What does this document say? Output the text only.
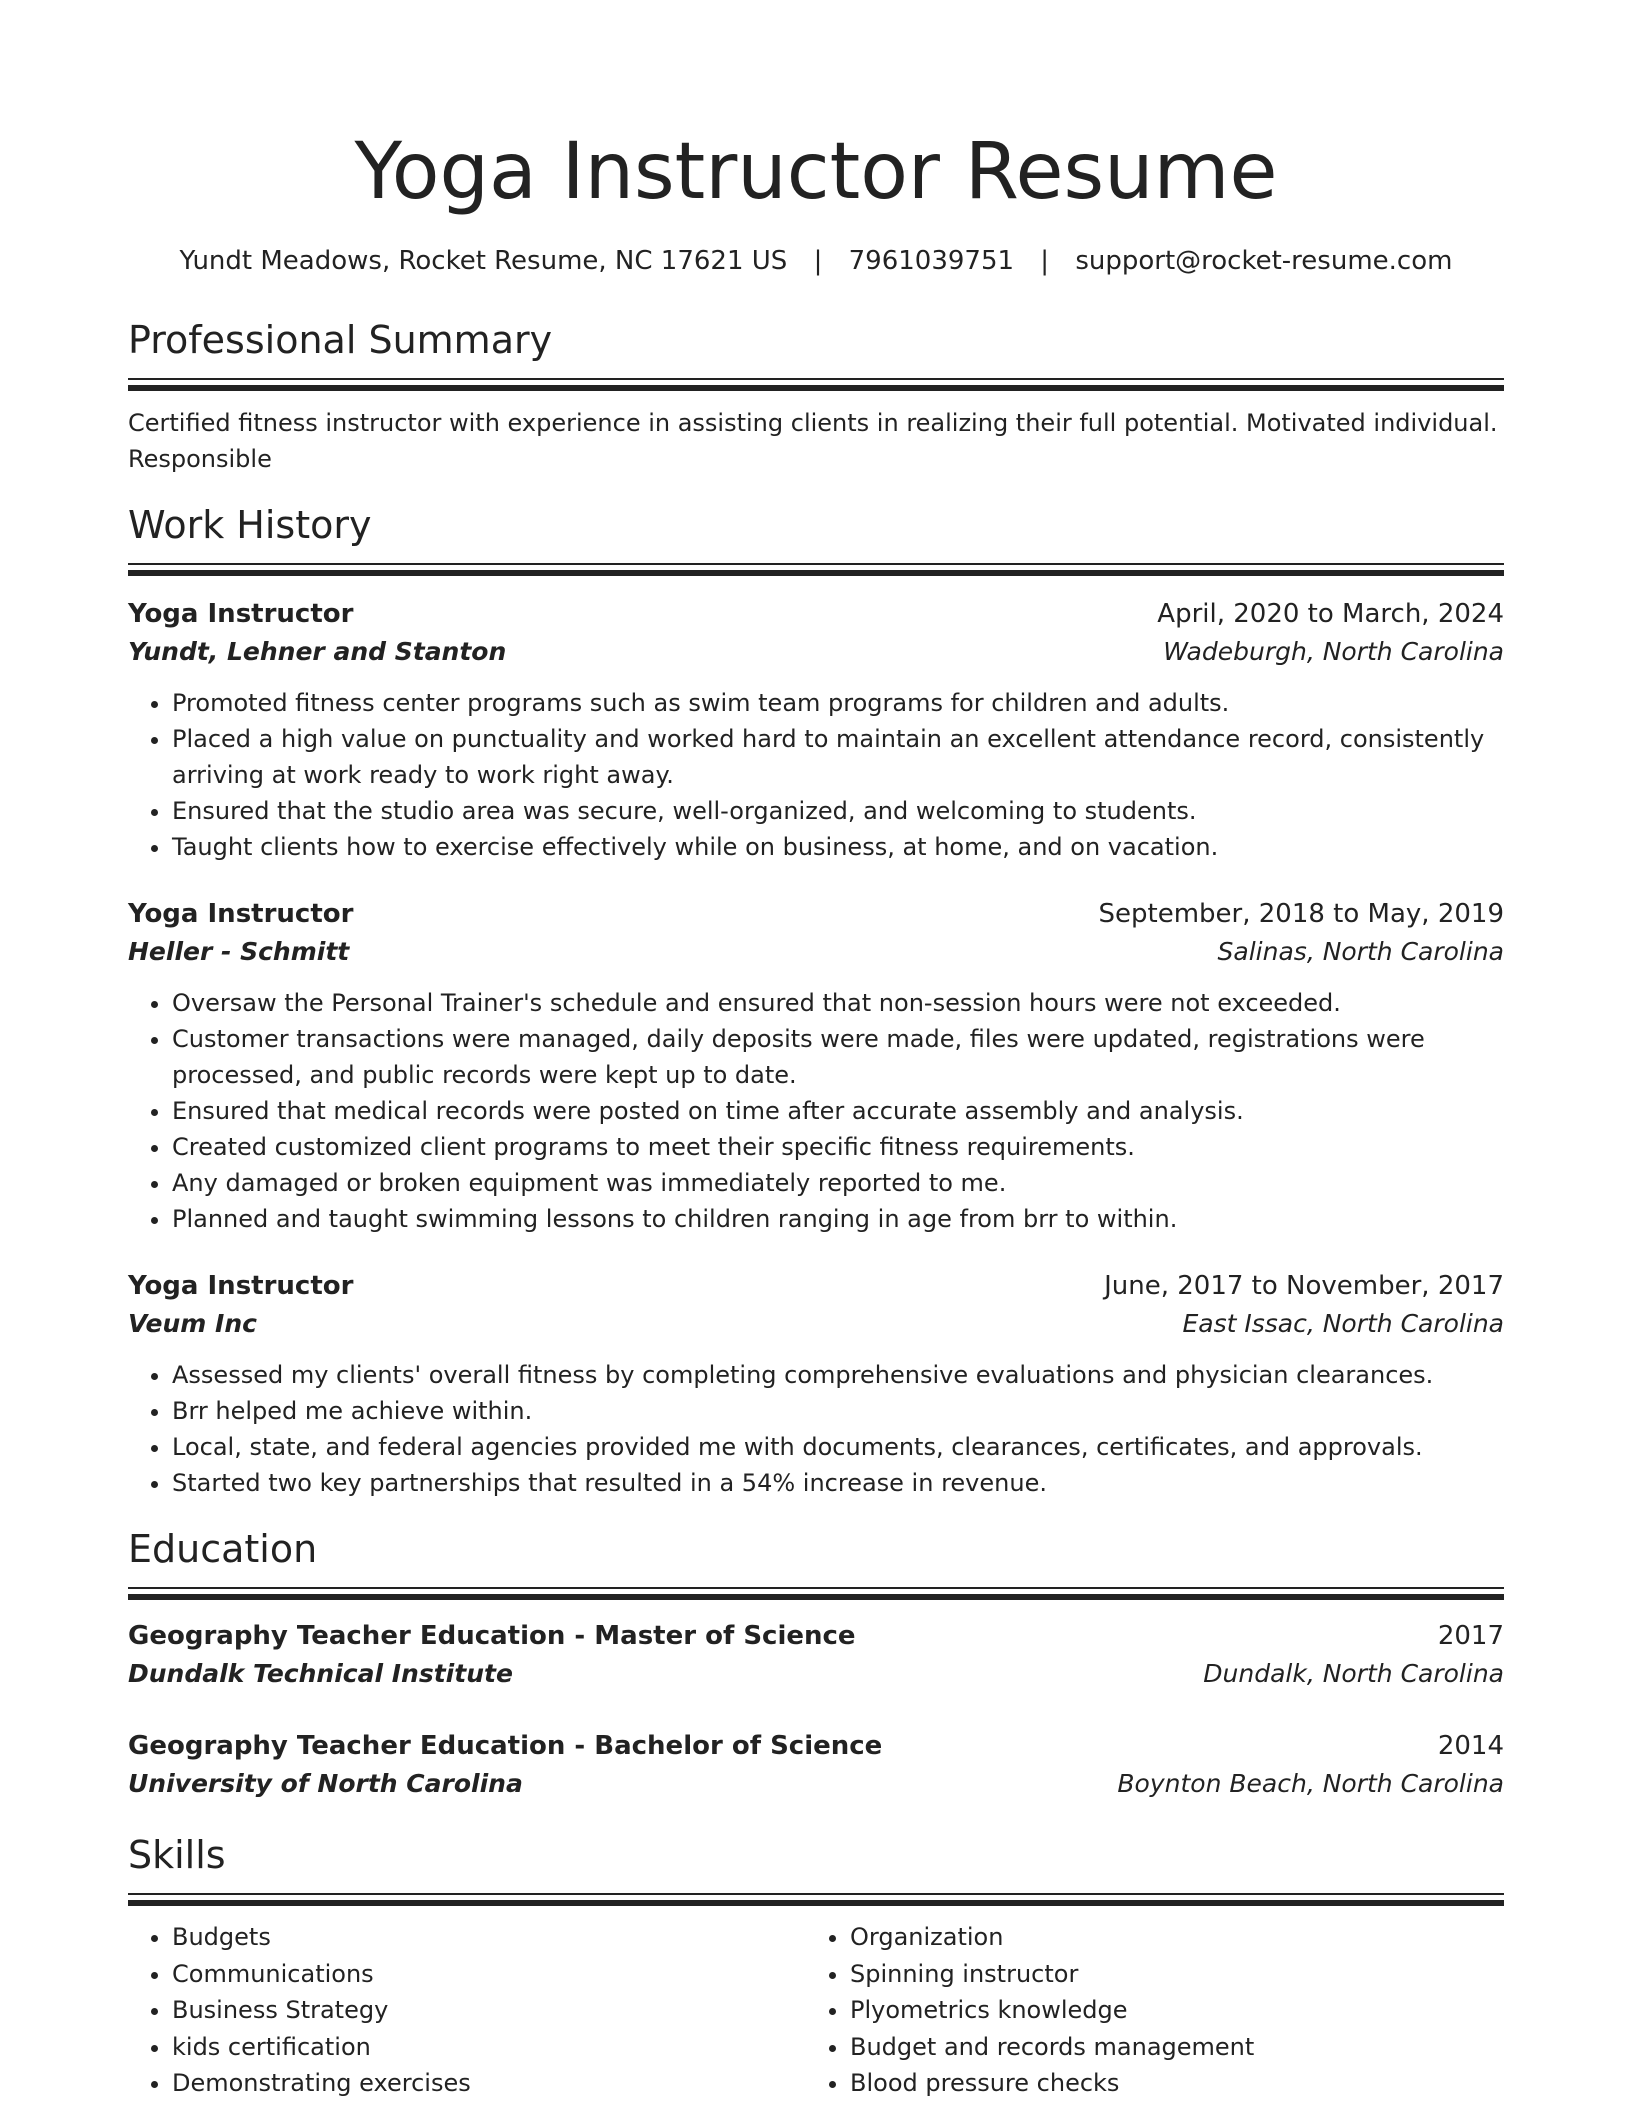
Yoga Instructor Resume
Yundt Meadows, Rocket Resume, NC 17621 US | 7961039751 | support@rocket-resume.com
Professional Summary
Certified fitness instructor with experience in assisting clients in realizing their full potential. Motivated individual. Responsible
Work History
Yoga Instructor	April, 2020 to March, 2024
Yundt, Lehner and Stanton	Wadeburgh, North Carolina
• Promoted fitness center programs such as swim team programs for children and adults.
• Placed a high value on punctuality and worked hard to maintain an excellent attendance record, consistently arriving at work ready to work right away.
• Ensured that the studio area was secure, well-organized, and welcoming to students.
• Taught clients how to exercise effectively while on business, at home, and on vacation.
Yoga Instructor	September, 2018 to May, 2019
Heller - Schmitt	Salinas, North Carolina
• Oversaw the Personal Trainer's schedule and ensured that non-session hours were not exceeded.
• Customer transactions were managed, daily deposits were made, files were updated, registrations were processed, and public records were kept up to date.
• Ensured that medical records were posted on time after accurate assembly and analysis.
• Created customized client programs to meet their specific fitness requirements.
• Any damaged or broken equipment was immediately reported to me.
• Planned and taught swimming lessons to children ranging in age from brr to within.
Yoga Instructor	June, 2017 to November, 2017
Veum Inc	East Issac, North Carolina
• Assessed my clients' overall fitness by completing comprehensive evaluations and physician clearances.
• Brr helped me achieve within.
• Local, state, and federal agencies provided me with documents, clearances, certificates, and approvals.
• Started two key partnerships that resulted in a 54% increase in revenue.
Education
Geography Teacher Education - Master of Science	2017
Dundalk Technical Institute	Dundalk, North Carolina
Geography Teacher Education - Bachelor of Science	2014
University of North Carolina	Boynton Beach, North Carolina
Skills
• Budgets
• Communications
• Business Strategy
• kids certification
• Demonstrating exercises
• Organization
• Spinning instructor
• Plyometrics knowledge
• Budget and records management
• Blood pressure checks
